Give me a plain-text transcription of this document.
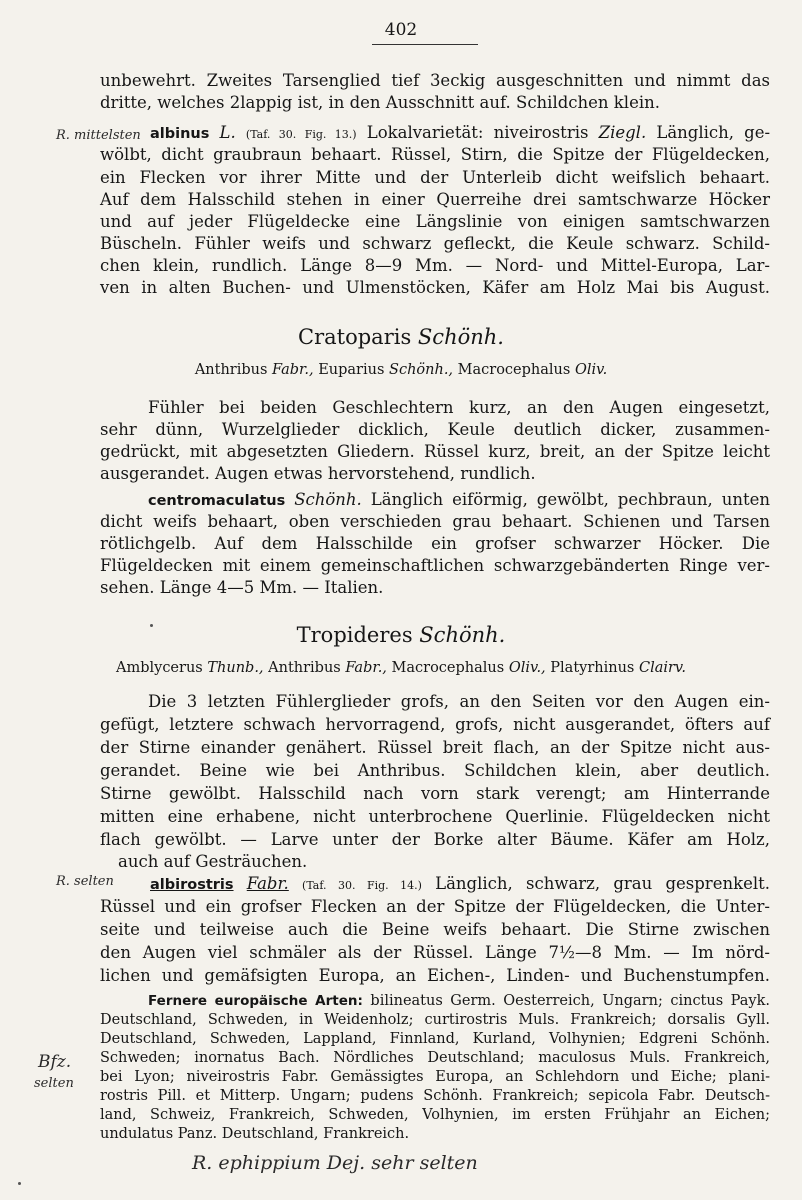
402
unbewehrt. Zweites Tarsenglied tief 3eckig ausgeschnitten und nimmt das
dritte, welches 2lappig ist, in den Ausschnitt auf. Schildchen klein.
R. mittelsten albinus L. (Taf. 30. Fig. 13.) Lokalvarietät: niveirostris Ziegl. Länglich, ge-
wölbt, dicht graubraun behaart. Rüssel, Stirn, die Spitze der Flügeldecken,
ein Flecken vor ihrer Mitte und der Unterleib dicht weifslich behaart.
Auf dem Halsschild stehen in einer Querreihe drei samtschwarze Höcker
und auf jeder Flügeldecke eine Längslinie von einigen samtschwarzen
Büscheln. Fühler weifs und schwarz gefleckt, die Keule schwarz. Schild-
chen klein, rundlich. Länge 8—9 Mm. — Nord- und Mittel-Europa, Lar-
ven in alten Buchen- und Ulmenstöcken, Käfer am Holz Mai bis August.
Cratoparis Schönh.
Anthribus Fabr., Euparius Schönh., Macrocephalus Oliv.
Fühler bei beiden Geschlechtern kurz, an den Augen eingesetzt,
sehr dünn, Wurzelglieder dicklich, Keule deutlich dicker, zusammen-
gedrückt, mit abgesetzten Gliedern. Rüssel kurz, breit, an der Spitze leicht
ausgerandet. Augen etwas hervorstehend, rundlich.
centromaculatus Schönh. Länglich eiförmig, gewölbt, pechbraun, unten
dicht weifs behaart, oben verschieden grau behaart. Schienen und Tarsen
rötlichgelb. Auf dem Halsschilde ein grofser schwarzer Höcker. Die
Flügeldecken mit einem gemeinschaftlichen schwarzgebänderten Ringe ver-
sehen. Länge 4—5 Mm. — Italien.
Tropideres Schönh.
Amblycerus Thunb., Anthribus Fabr., Macrocephalus Oliv., Platyrhinus Clairv.
Die 3 letzten Fühlerglieder grofs, an den Seiten vor den Augen ein-
gefügt, letztere schwach hervorragend, grofs, nicht ausgerandet, öfters auf
der Stirne einander genähert. Rüssel breit flach, an der Spitze nicht aus-
gerandet. Beine wie bei Anthribus. Schildchen klein, aber deutlich.
Stirne gewölbt. Halsschild nach vorn stark verengt; am Hinterrande
mitten eine erhabene, nicht unterbrochene Querlinie. Flügeldecken nicht
flach gewölbt. — Larve unter der Borke alter Bäume. Käfer am Holz,
auch auf Gesträuchen.
R. selten albirostris Fabr. (Taf. 30. Fig. 14.) Länglich, schwarz, grau gesprenkelt.
Rüssel und ein grofser Flecken an der Spitze der Flügeldecken, die Unter-
seite und teilweise auch die Beine weifs behaart. Die Stirne zwischen
den Augen viel schmäler als der Rüssel. Länge 7½—8 Mm. — Im nörd-
lichen und gemäfsigten Europa, an Eichen-, Linden- und Buchenstumpfen.
Fernere europäische Arten: bilineatus Germ. Oesterreich, Ungarn; cinctus Payk.
Deutschland, Schweden, in Weidenholz; curtirostris Muls. Frankreich; dorsalis Gyll.
Deutschland, Schweden, Lappland, Finnland, Kurland, Volhynien; Edgreni Schönh.
Schweden; inornatus Bach. Nördliches Deutschland; maculosus Muls. Frankreich,
bei Lyon; niveirostris Fabr. Gemässigtes Europa, an Schlehdorn und Eiche; plani-
rostris Pill. et Mitterp. Ungarn; pudens Schönh. Frankreich; sepicola Fabr. Deutsch-
land, Schweiz, Frankreich, Schweden, Volhynien, im ersten Frühjahr an Eichen;
undulatus Panz. Deutschland, Frankreich.
Bfz.
selten
R. ephippium Dej. sehr selten
